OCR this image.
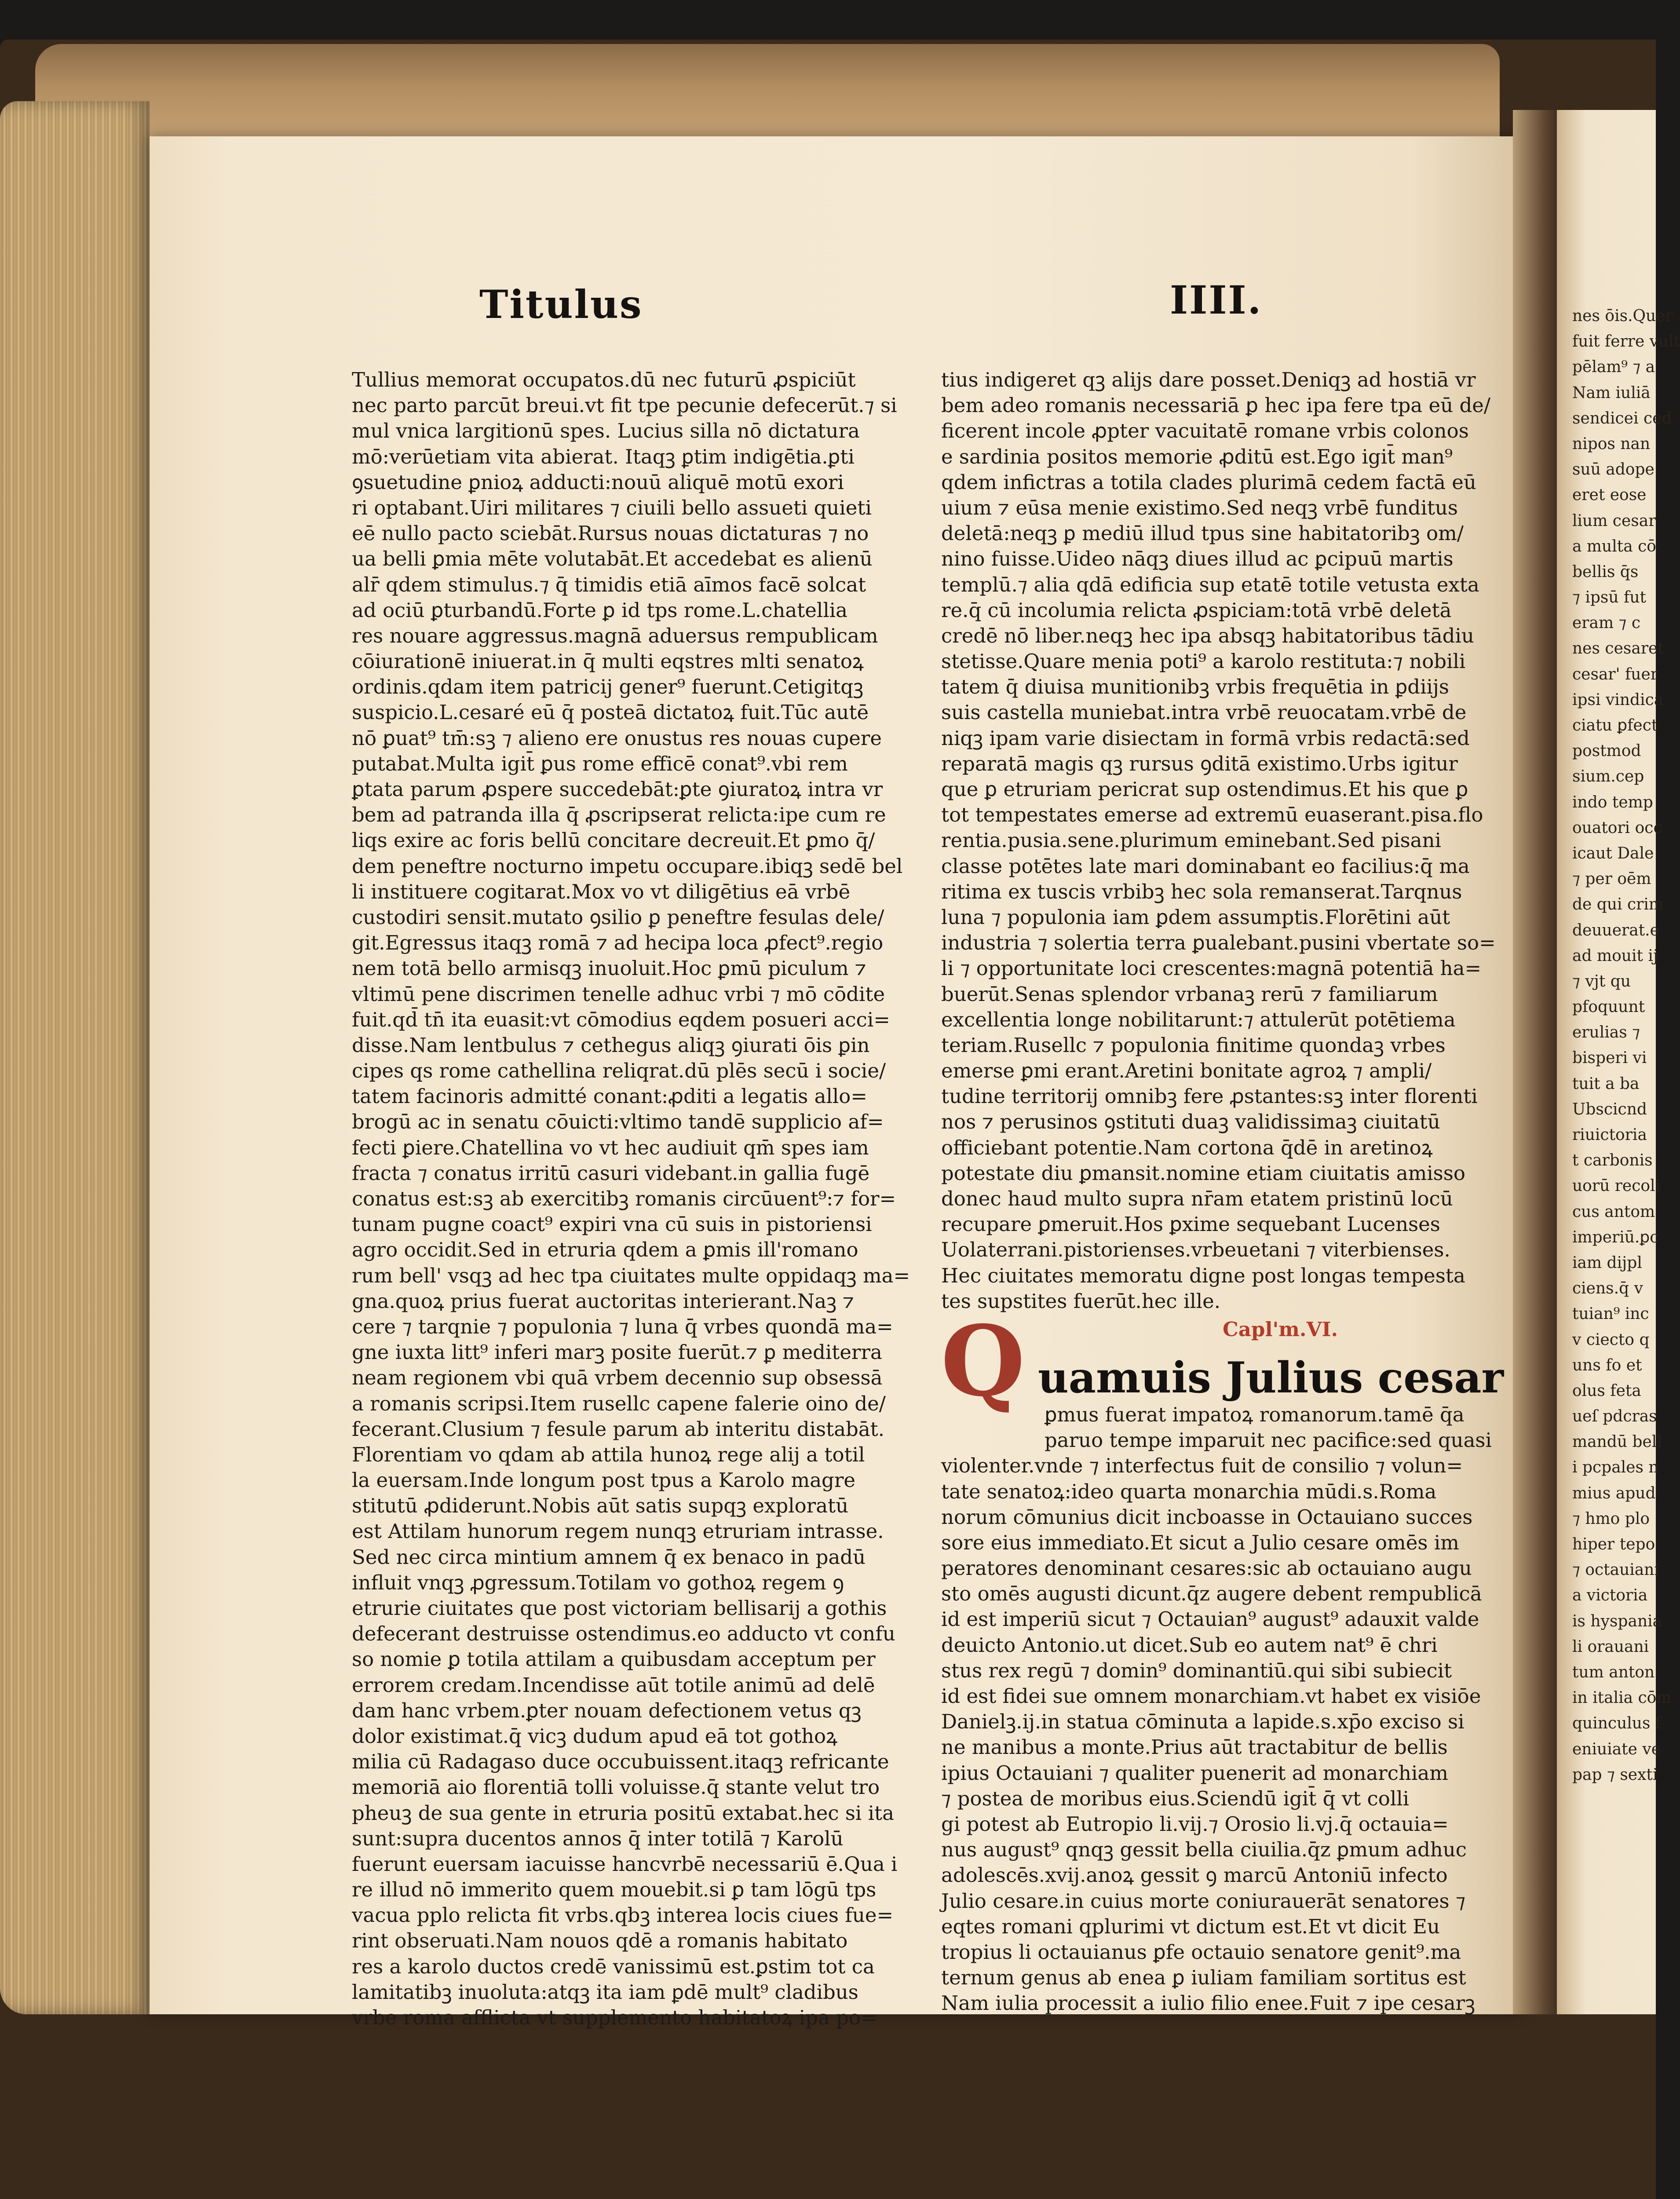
nes ōis.Quer
fuit ferre vult
pēlam⁹ ⁊ a
Nam iuliā
sendicei ced
nipos nan
suū adope
eret eose
lium cesar
a multa cō
bellis q̄s
⁊ ipsū fut
eram ⁊ c
nes cesaret
cesar' fuer
ipsi vindica
ciatu ꝑfect
postmod
sium.cep
indo temp
ouatori occ
icaut Dale
⁊ per oēm
de qui crim
deuuerat.e
ad mouit ij
⁊ vjt qu
pfoquunt
erulias ⁊
bisperi vi
tuit a ba
Ubscicnd
riuictoria
t carbonis
uorū recoli
cus antom
imperiū.ꝑc
iam dijpl
ciens.q̄ v
tuian⁹ inc
v ciecto q
uns fo et
olus feta
ueſ pdcras
mandū bell
i pcpales n
mius apud
⁊ hmo plo
hiper tepo
⁊ octauiani
a victoria
is hyspania
li orauani
tum anton
in italia cōm
quinculus f
eniuiate ve
pap ⁊ sexti
Titulus	IIII.
Tullius memorat occupatos.dū nec futurū ꝓspiciūt
nec parto parcūt breui.vt fit tpe pecunie defecerūt.⁊ si
mul vnica largitionū spes. Lucius silla nō dictatura
mō:verūetiam vita abierat. Itaqꝫ ꝑtim indigētia.ꝑti
ꝯsuetudine ꝑnioꝝ adducti:nouū aliquē motū exori
ri optabant.Uiri militares ⁊ ciuili bello assueti quieti
eē nullo pacto sciebāt.Rursus nouas dictaturas ⁊ no
ua belli ꝑmia mēte volutabāt.Et accedebat es alienū
alr̄ qdem stimulus.⁊ q̄ timidis etiā aīmos facē solcat
ad ociū ꝑturbandū.Forte ꝑ id tps rome.L.chatellia
res nouare aggressus.magnā aduersus rempublicam
cōiurationē iniuerat.in q̄ multi eqstres mlti senatoꝝ
ordinis.qdam item patricij gener⁹ fuerunt.Cetigitqꝫ
suspicio.L.cesaré eū q̄ posteā dictatoꝝ fuit.Tūc autē
nō ꝑuat⁹ tm̄:sꝫ ⁊ alieno ere onustus res nouas cupere
putabat.Multa igit̄ ꝑus rome efficē conat⁹.vbi rem
ꝑtata parum ꝓspere succedebāt:ꝑte ꝯiuratoꝝ intra vr
bem ad patranda illa q̄ ꝓscripserat relicta:ipe cum re
liqs exire ac foris bellū concitare decreuit.Et ꝑmo q̄/
dem peneftre nocturno impetu occupare.ibiqꝫ sedē bel
li instituere cogitarat.Mox vo vt diligētius eā vrbē
custodiri sensit.mutato ꝯsilio ꝑ peneftre fesulas dele/
git.Egressus itaqꝫ romā ⁊ ad hecipa loca ꝓfect⁹.regio
nem totā bello armisqꝫ inuoluit.Hoc ꝑmū piculum ⁊
vltimū pene discrimen tenelle adhuc vrbi ⁊ mō cōdite
fuit.qd̄ tn̄ ita euasit:vt cōmodius eqdem posueri acci=
disse.Nam lentbulus ⁊ cethegus aliqꝫ ꝯiurati ōis ꝑin
cipes qs rome cathellina reliqrat.dū plēs secū i socie/
tatem facinoris admitté conant:ꝓditi a legatis allo=
brogū ac in senatu cōuicti:vltimo tandē supplicio af=
fecti ꝑiere.Chatellina vo vt hec audiuit qm̄ spes iam
fracta ⁊ conatus irritū casuri videbant.in gallia fugē
conatus est:sꝫ ab exercitibꝫ romanis circūuent⁹:⁊ for=
tunam pugne coact⁹ expiri vna cū suis in pistoriensi
agro occidit.Sed in etruria qdem a ꝑmis ill'romano
rum bell' vsqꝫ ad hec tpa ciuitates multe oppidaqꝫ ma=
gna.quoꝝ prius fuerat auctoritas interierant.Naꝫ ⁊
cere ⁊ tarqnie ⁊ populonia ⁊ luna q̄ vrbes quondā ma=
gne iuxta litt⁹ inferi marꝫ posite fuerūt.⁊ ꝑ mediterra
neam regionem vbi quā vrbem decennio sup obsessā
a romanis scripsi.Item rusellc capene falerie oino de/
fecerant.Clusium ⁊ fesule parum ab interitu distabāt.
Florentiam vo qdam ab attila hunoꝝ rege alij a totil
la euersam.Inde longum post tpus a Karolo magre
stitutū ꝓdiderunt.Nobis aūt satis supqꝫ exploratū
est Attilam hunorum regem nunqꝫ etruriam intrasse.
Sed nec circa mintium amnem q̄ ex benaco in padū
influit vnqꝫ ꝓgressum.Totilam vo gothoꝝ regem ꝯ
etrurie ciuitates que post victoriam bellisarij a gothis
defecerant destruisse ostendimus.eo adducto vt confu
so nomie ꝑ totila attilam a quibusdam acceptum per
errorem credam.Incendisse aūt totile animū ad delē
dam hanc vrbem.ꝑter nouam defectionem vetus qꝫ
dolor existimat.q̄ vicꝫ dudum apud eā tot gothoꝝ
milia cū Radagaso duce occubuissent.itaqꝫ refricante
memoriā aio florentiā tolli voluisse.q̄ stante velut tro
pheuꝫ de sua gente in etruria positū extabat.hec si ita
sunt:supra ducentos annos q̄ inter totilā ⁊ Karolū
fuerunt euersam iacuisse hancvrbē necessariū ē.Qua i
re illud nō immerito quem mouebit.si ꝑ tam lōgū tps
vacua pplo relicta fit vrbs.qbꝫ interea locis ciues fue=
rint obseruati.Nam nouos qdē a romanis habitato
res a karolo ductos credē vanissimū est.ꝑstim tot ca
lamitatibꝫ inuoluta:atqꝫ ita iam ꝑdē mult⁹ cladibus
vrbe roma afflicta vt supplemento habitatoꝝ ipa po=
tius indigeret qꝫ alijs dare posset.Deniqꝫ ad hostiā vr
bem adeo romanis necessariā ꝑ hec ipa fere tpa eū de/
ficerent incole ꝓpter vacuitatē romane vrbis colonos
e sardinia positos memorie ꝓditū est.Ego igit̄ man⁹
qdem infictras a totila clades plurimā cedem factā eū
uium ⁊ eūsa menie existimo.Sed neqꝫ vrbē funditus
deletā:neqꝫ ꝑ mediū illud tpus sine habitatoribꝫ om/
nino fuisse.Uideo nāqꝫ diues illud ac ꝑcipuū martis
templū.⁊ alia qdā edificia sup etatē totile vetusta exta
re.q̄ cū incolumia relicta ꝓspiciam:totā vrbē deletā
credē nō liber.neqꝫ hec ipa absqꝫ habitatoribus tādiu
stetisse.Quare menia poti⁹ a karolo restituta:⁊ nobili
tatem q̄ diuisa munitionibꝫ vrbis frequētia in ꝑdiijs
suis castella muniebat.intra vrbē reuocatam.vrbē de
niqꝫ ipam varie disiectam in formā vrbis redactā:sed
reparatā magis qꝫ rursus ꝯditā existimo.Urbs igitur
que ꝑ etruriam pericrat sup ostendimus.Et his que ꝑ
tot tempestates emerse ad extremū euaserant.pisa.flo
rentia.pusia.sene.plurimum eminebant.Sed pisani
classe potētes late mari dominabant eo facilius:q̄ ma
ritima ex tuscis vrbibꝫ hec sola remanserat.Tarqnus
luna ⁊ populonia iam ꝑdem assumptis.Florētini aūt
industria ⁊ solertia terra ꝑualebant.pusini vbertate so=
li ⁊ opportunitate loci crescentes:magnā potentiā ha=
buerūt.Senas splendor vrbanaꝫ rerū ⁊ familiarum
excellentia longe nobilitarunt:⁊ attulerūt potētiema
teriam.Rusellc ⁊ populonia finitime quondaꝫ vrbes
emerse ꝑmi erant.Aretini bonitate agroꝝ ⁊ ampli/
tudine territorij omnibꝫ fere ꝓstantes:sꝫ inter florenti
nos ⁊ perusinos ꝯstituti duaꝫ validissimaꝫ ciuitatū
officiebant potentie.Nam cortona q̄dē in aretinoꝝ
potestate diu ꝑmansit.nomine etiam ciuitatis amisso
donec haud multo supra nr̄am etatem pristinū locū
recupare ꝑmeruit.Hos ꝑxime sequebant Lucenses
Uolaterrani.pistorienses.vrbeuetani ⁊ viterbienses.
Hec ciuitates memoratu digne post longas tempesta
tes supstites fuerūt.hec ille.
Capl'm.VI.
uamuis Julius cesar
ꝑmus fuerat impatoꝝ romanorum.tamē q̄a
paruo tempe imparuit nec pacifice:sed quasi
violenter.vnde ⁊ interfectus fuit de consilio ⁊ volun=
tate senatoꝝ:ideo quarta monarchia mūdi.s.Roma
norum cōmunius dicit incboasse in Octauiano succes
sore eius immediato.Et sicut a Julio cesare omēs im
peratores denominant cesares:sic ab octauiano augu
sto omēs augusti dicunt.q̄z augere debent rempublicā
id est imperiū sicut ⁊ Octauian⁹ august⁹ adauxit valde
deuicto Antonio.ut dicet.Sub eo autem nat⁹ ē chri
stus rex regū ⁊ domin⁹ dominantiū.qui sibi subiecit
id est fidei sue omnem monarchiam.vt habet ex visiōe
Danielꝫ.ij.in statua cōminuta a lapide.s.xp̄o exciso si
ne manibus a monte.Prius aūt tractabitur de bellis
ipius Octauiani ⁊ qualiter puenerit ad monarchiam
⁊ postea de moribus eius.Sciendū igit̄ q̄ vt colli
gi potest ab Eutropio li.vij.⁊ Orosio li.vj.q̄ octauia=
nus august⁹ qnqꝫ gessit bella ciuilia.q̄z ꝑmum adhuc
adolescēs.xvij.anoꝝ gessit ꝯ marcū Antoniū infecto
Julio cesare.in cuius morte coniurauerāt senatores ⁊
eqtes romani qplurimi vt dictum est.Et vt dicit Eu
tropius li octauianus ꝑfe octauio senatore genit⁹.ma
ternum genus ab enea ꝑ iuliam familiam sortitus est
Nam iulia processit a iulio filio enee.Fuit ⁊ ipe cesarꝫ
Q
